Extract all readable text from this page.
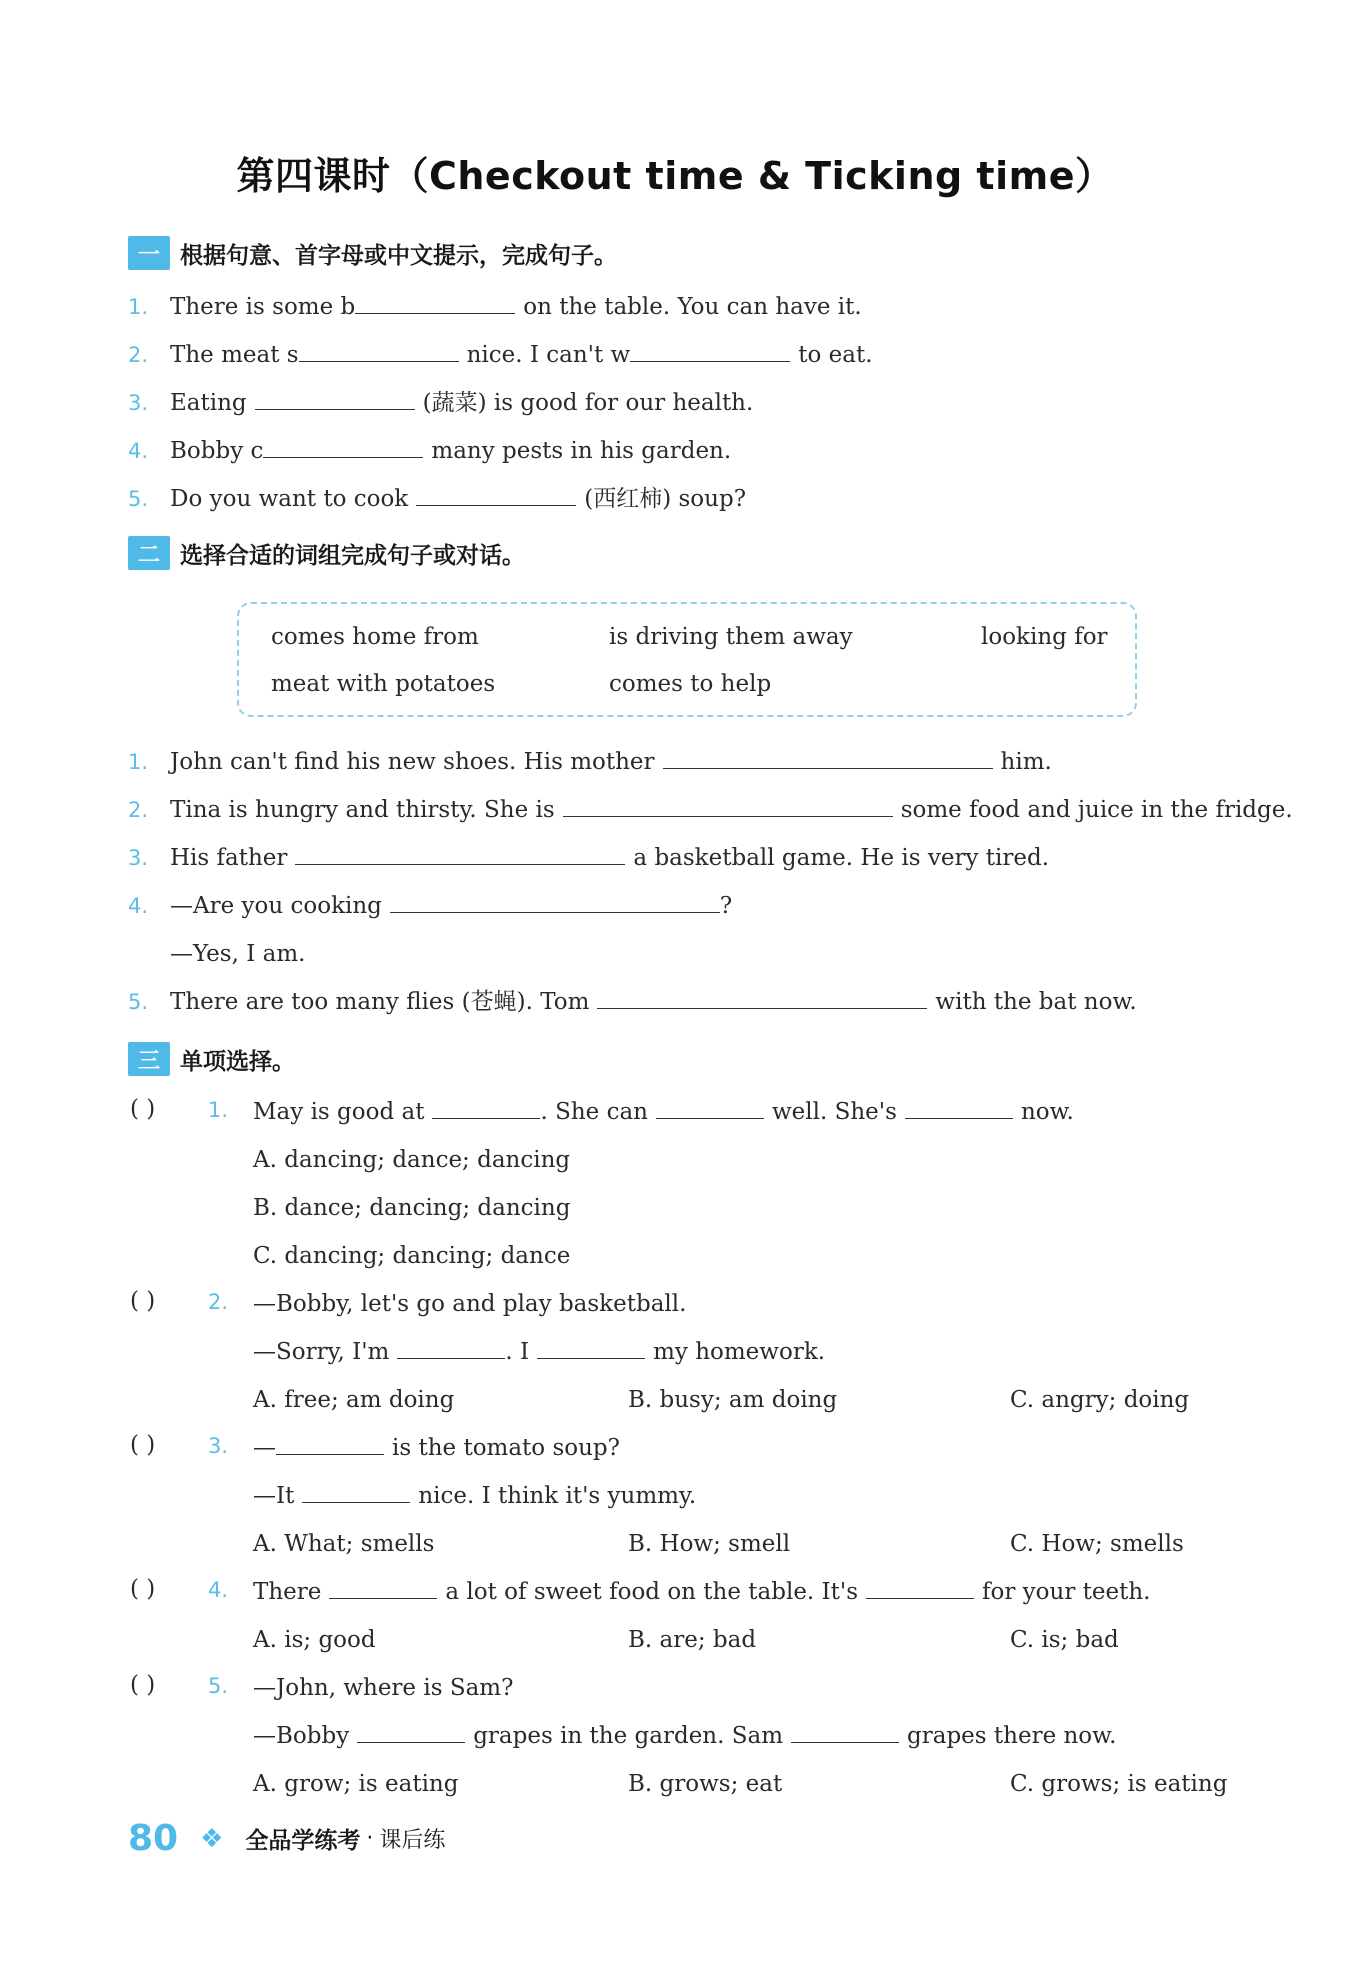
第四课时（Checkout time & Ticking time）
一 根据句意、首字母或中文提示，完成句子。
1. There is some b	on the table. You can have it.
2. The meat s	nice. I can't w	to eat.
3. Eating	(蔬菜) is good for our health.
4. Bobby c	many pests in his garden.
5. Do you want to cook	(西红柿) soup?
二 选择合适的词组完成句子或对话。
comes home from	is driving them away	looking for
meat with potatoes	comes to help
1. John can't find his new shoes. His mother	him.
2. Tina is hungry and thirsty. She is	some food and juice in the fridge.
3. His father	a basketball game. He is very tired.
4. —Are you cooking	?
—Yes, I am.
5. There are too many flies (苍蝇). Tom	with the bat now.
三 单项选择。
( )	1. May is good at	. She can	well. She's	now.
A. dancing; dance; dancing
B. dance; dancing; dancing
C. dancing; dancing; dance
( )	2. —Bobby, let's go and play basketball.
—Sorry, I'm	. I	my homework.
A. free; am doing	B. busy; am doing	C. angry; doing
( )	3. —	is the tomato soup?
—It	nice. I think it's yummy.
A. What; smells	B. How; smell	C. How; smells
( )	4. There	a lot of sweet food on the table. It's	for your teeth.
A. is; good	B. are; bad	C. is; bad
( )	5. —John, where is Sam?
—Bobby	grapes in the garden. Sam	grapes there now.
A. grow; is eating	B. grows; eat	C. grows; is eating
80 ❖ 全品学练考 · 课后练
